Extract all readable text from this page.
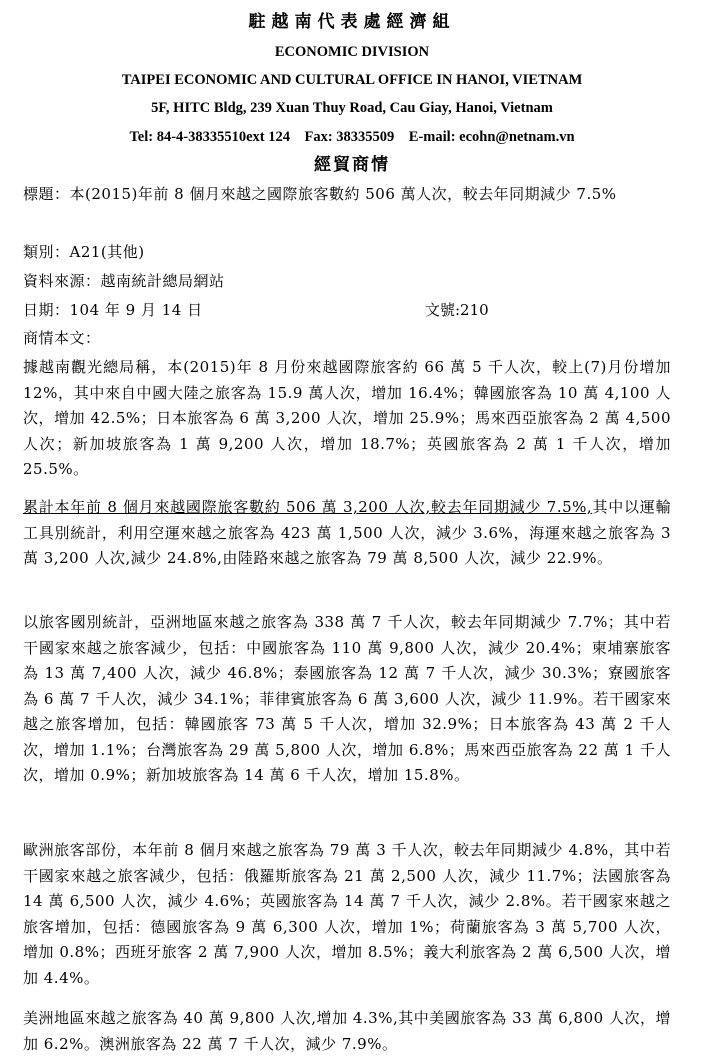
駐越南代表處經濟組
ECONOMIC DIVISION
TAIPEI ECONOMIC AND CULTURAL OFFICE IN HANOI, VIETNAM
5F, HITC Bldg, 239 Xuan Thuy Road, Cau Giay, Hanoi, Vietnam
Tel: 84-4-38335510ext 124    Fax: 38335509    E-mail: ecohn@netnam.vn
經貿商情
標題：本(2015)年前 8 個月來越之國際旅客數約 506 萬人次，較去年同期減少 7.5%
類別：A21(其他)
資料來源：越南統計總局網站
日期：104 年 9 月 14 日	文號:210
商情本文：
據越南觀光總局稱，本(2015)年 8 月份來越國際旅客約 66 萬 5 千人次，較上(7)月份增加 12%，其中來自中國大陸之旅客為 15.9 萬人次，增加 16.4%；韓國旅客為 10 萬 4,100 人次，增加 42.5%；日本旅客為 6 萬 3,200 人次，增加 25.9%；馬來西亞旅客為 2 萬 4,500 人次；新加坡旅客為 1 萬 9,200 人次，增加 18.7%；英國旅客為 2 萬 1 千人次，增加 25.5%。
累計本年前 8 個月來越國際旅客數約 506 萬 3,200 人次,較去年同期減少 7.5%,其中以運輸工具別統計，利用空運來越之旅客為 423 萬 1,500 人次，減少 3.6%，海運來越之旅客為 3 萬 3,200 人次,減少 24.8%,由陸路來越之旅客為 79 萬 8,500 人次，減少 22.9%。
以旅客國別統計，亞洲地區來越之旅客為 338 萬 7 千人次，較去年同期減少 7.7%；其中若干國家來越之旅客減少，包括：中國旅客為 110 萬 9,800 人次，減少 20.4%；柬埔寨旅客為 13 萬 7,400 人次，減少 46.8%；泰國旅客為 12 萬 7 千人次，減少 30.3%；寮國旅客為 6 萬 7 千人次，減少 34.1%；菲律賓旅客為 6 萬 3,600 人次，減少 11.9%。若干國家來越之旅客增加，包括：韓國旅客 73 萬 5 千人次，增加 32.9%；日本旅客為 43 萬 2 千人次，增加 1.1%；台灣旅客為 29 萬 5,800 人次，增加 6.8%；馬來西亞旅客為 22 萬 1 千人次，增加 0.9%；新加坡旅客為 14 萬 6 千人次，增加 15.8%。
歐洲旅客部份，本年前 8 個月來越之旅客為 79 萬 3 千人次，較去年同期減少 4.8%，其中若干國家來越之旅客減少，包括：俄羅斯旅客為 21 萬 2,500 人次，減少 11.7%；法國旅客為 14 萬 6,500 人次，減少 4.6%；英國旅客為 14 萬 7 千人次，減少 2.8%。若干國家來越之旅客增加，包括：德國旅客為 9 萬 6,300 人次，增加 1%；荷蘭旅客為 3 萬 5,700 人次，增加 0.8%；西班牙旅客 2 萬 7,900 人次，增加 8.5%；義大利旅客為 2 萬 6,500 人次，增加 4.4%。
美洲地區來越之旅客為 40 萬 9,800 人次,增加 4.3%,其中美國旅客為 33 萬 6,800 人次，增加 6.2%。澳洲旅客為 22 萬 7 千人次，減少 7.9%。
